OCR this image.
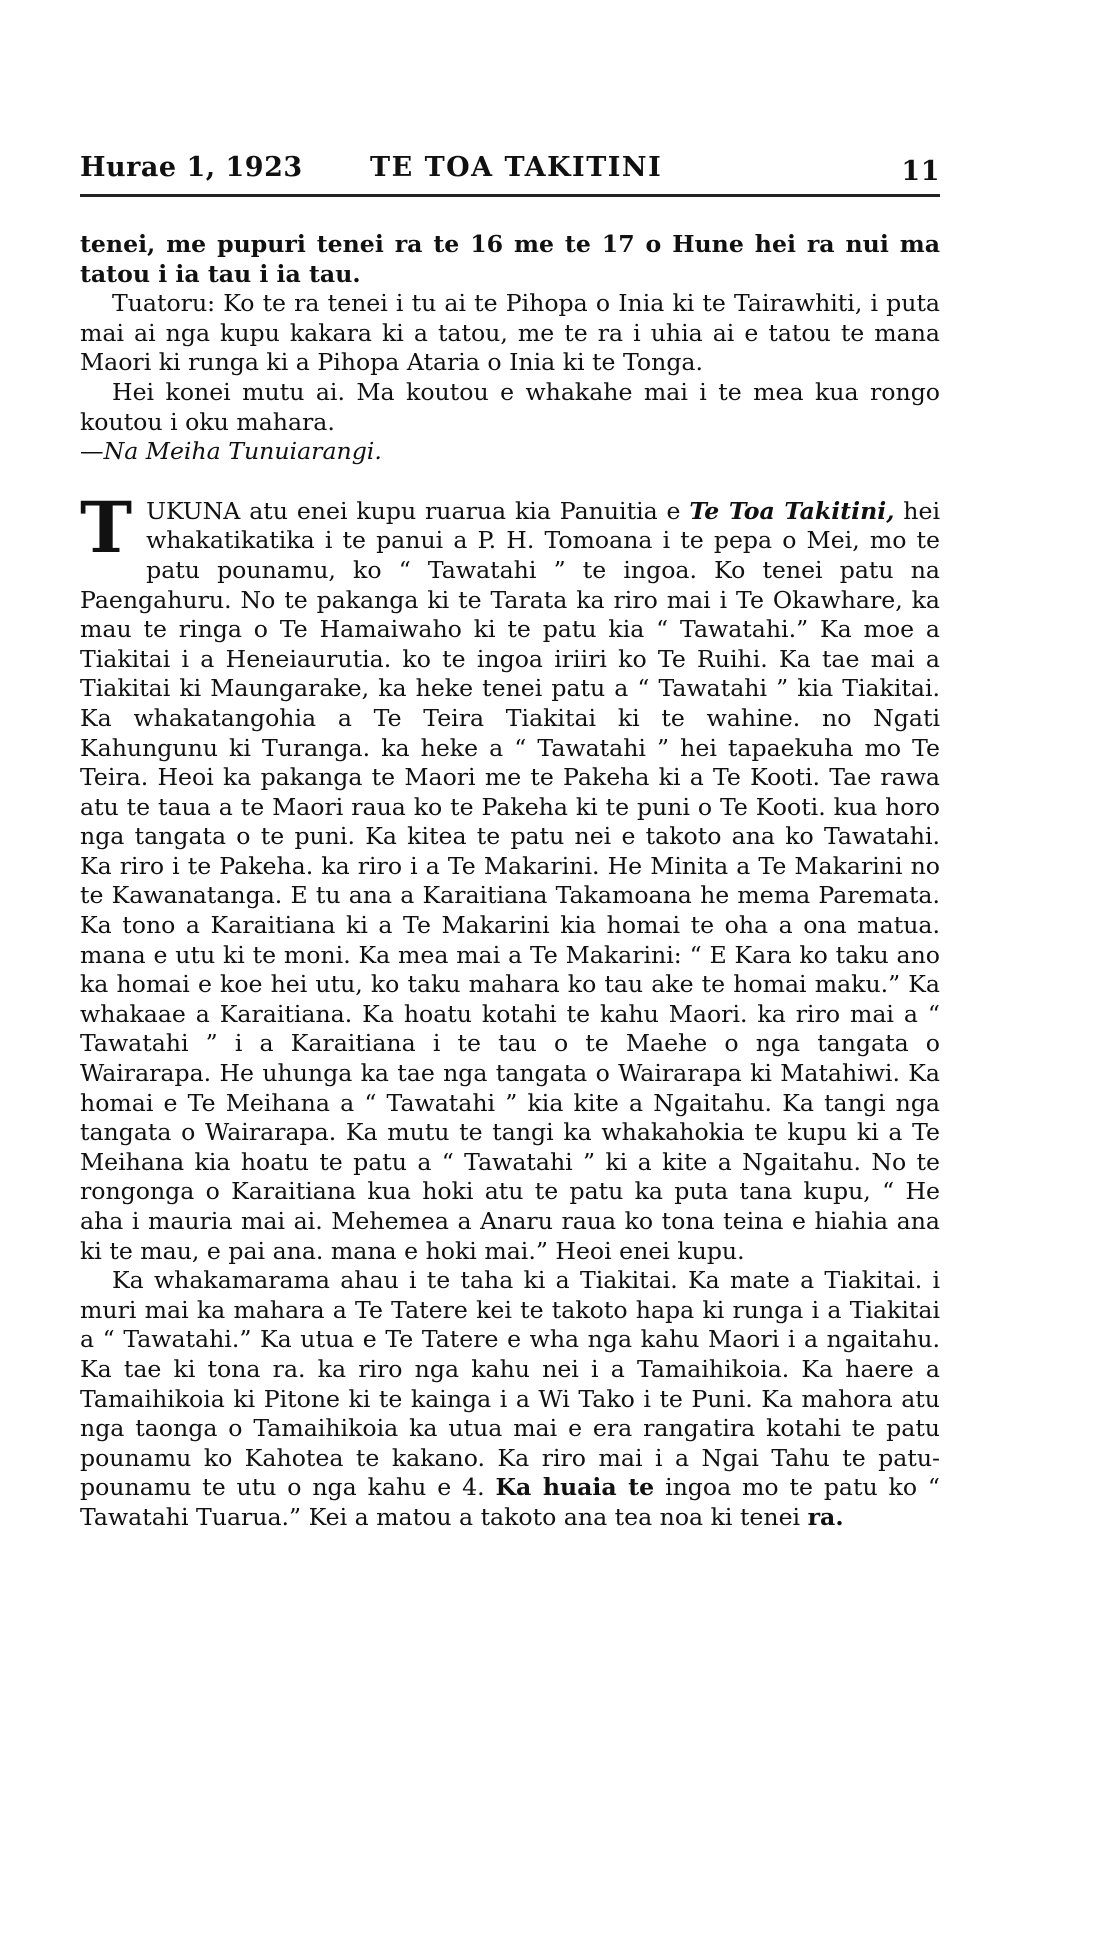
Hurae 1, 1923 TE TOA TAKITINI	11

tenei, me pupuri tenei ra te 16 me te 17 o Hune hei ra nui ma tatou i ia tau i ia tau.

Tuatoru: Ko te ra tenei i tu ai te Pihopa o Inia ki te Tairawhiti, i puta mai ai nga kupu kakara ki a tatou, me te ra i uhia ai e tatou te mana Maori ki runga ki a Pihopa Ataria o Inia ki te Tonga.

Hei konei mutu ai. Ma koutou e whakahe mai i te mea kua rongo koutou i oku mahara.

—Na Meiha Tunuiarangi.

TUKUNA atu enei kupu ruarua kia Panuitia e Te Toa Takitini, hei whakatikatika i te panui a P. H. Tomoana i te pepa o Mei, mo te patu pounamu, ko “ Tawatahi ” te ingoa. Ko tenei patu na Paengahuru. No te pakanga ki te Tarata ka riro mai i Te Okawhare, ka mau te ringa o Te Hamaiwaho ki te patu kia “ Tawatahi.” Ka moe a Tiakitai i a Heneiaurutia. ko te ingoa iriiri ko Te Ruihi. Ka tae mai a Tiakitai ki Maungarake, ka heke tenei patu a “ Tawatahi ” kia Tiakitai. Ka whakatangohia a Te Teira Tiakitai ki te wahine. no Ngati Kahungunu ki Turanga. ka heke a “ Tawatahi ” hei tapaekuha mo Te Teira. Heoi ka pakanga te Maori me te Pakeha ki a Te Kooti. Tae rawa atu te taua a te Maori raua ko te Pakeha ki te puni o Te Kooti. kua horo nga tangata o te puni. Ka kitea te patu nei e takoto ana ko Tawatahi. Ka riro i te Pakeha. ka riro i a Te Makarini. He Minita a Te Makarini no te Kawanatanga. E tu ana a Karaitiana Takamoana he mema Paremata. Ka tono a Karaitiana ki a Te Makarini kia homai te oha a ona matua. mana e utu ki te moni. Ka mea mai a Te Makarini: “ E Kara ko taku ano ka homai e koe hei utu, ko taku mahara ko tau ake te homai maku.” Ka whakaae a Karaitiana. Ka hoatu kotahi te kahu Maori. ka riro mai a “ Tawatahi ” i a Karaitiana i te tau o te Maehe o nga tangata o Wairarapa. He uhunga ka tae nga tangata o Wairarapa ki Matahiwi. Ka homai e Te Meihana a “ Tawatahi ” kia kite a Ngaitahu. Ka tangi nga tangata o Wairarapa. Ka mutu te tangi ka whakahokia te kupu ki a Te Meihana kia hoatu te patu a “ Tawatahi ” ki a kite a Ngaitahu. No te rongonga o Karaitiana kua hoki atu te patu ka puta tana kupu, “ He aha i mauria mai ai. Mehemea a Anaru raua ko tona teina e hiahia ana ki te mau, e pai ana. mana e hoki mai.” Heoi enei kupu.

Ka whakamarama ahau i te taha ki a Tiakitai. Ka mate a Tiakitai. i muri mai ka mahara a Te Tatere kei te takoto hapa ki runga i a Tiakitai a “ Tawatahi.” Ka utua e Te Tatere e wha nga kahu Maori i a ngaitahu. Ka tae ki tona ra. ka riro nga kahu nei i a Tamaihikoia. Ka haere a Tamaihikoia ki Pitone ki te kainga i a Wi Tako i te Puni. Ka mahora atu nga taonga o Tamaihikoia ka utua mai e era rangatira kotahi te patu pounamu ko Kahotea te kakano. Ka riro mai i a Ngai Tahu te patu-pounamu te utu o nga kahu e 4. Ka huaia te ingoa mo te patu ko “ Tawatahi Tuarua.” Kei a matou a takoto ana tea noa ki tenei ra.
